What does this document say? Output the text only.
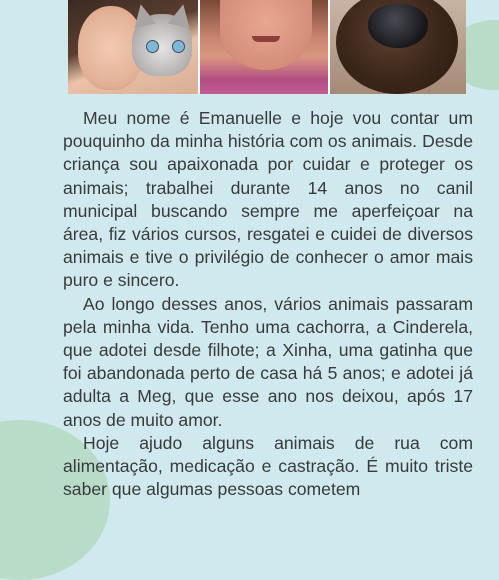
Meu nome é Emanuelle e hoje vou contar um pouquinho da minha história com os animais. Desde criança sou apaixonada por cuidar e proteger os animais; trabalhei durante 14 anos no canil municipal buscando sempre me aperfeiçoar na área, fiz vários cursos, resgatei e cuidei de diversos animais e tive o privilégio de conhecer o amor mais puro e sincero.

Ao longo desses anos, vários animais passaram pela minha vida. Tenho uma cachorra, a Cinderela, que adotei desde filhote; a Xinha, uma gatinha que foi abandonada perto de casa há 5 anos; e adotei já adulta a Meg, que esse ano nos deixou, após 17 anos de muito amor.

Hoje ajudo alguns animais de rua com alimentação, medicação e castração. É muito triste saber que algumas pessoas cometem
